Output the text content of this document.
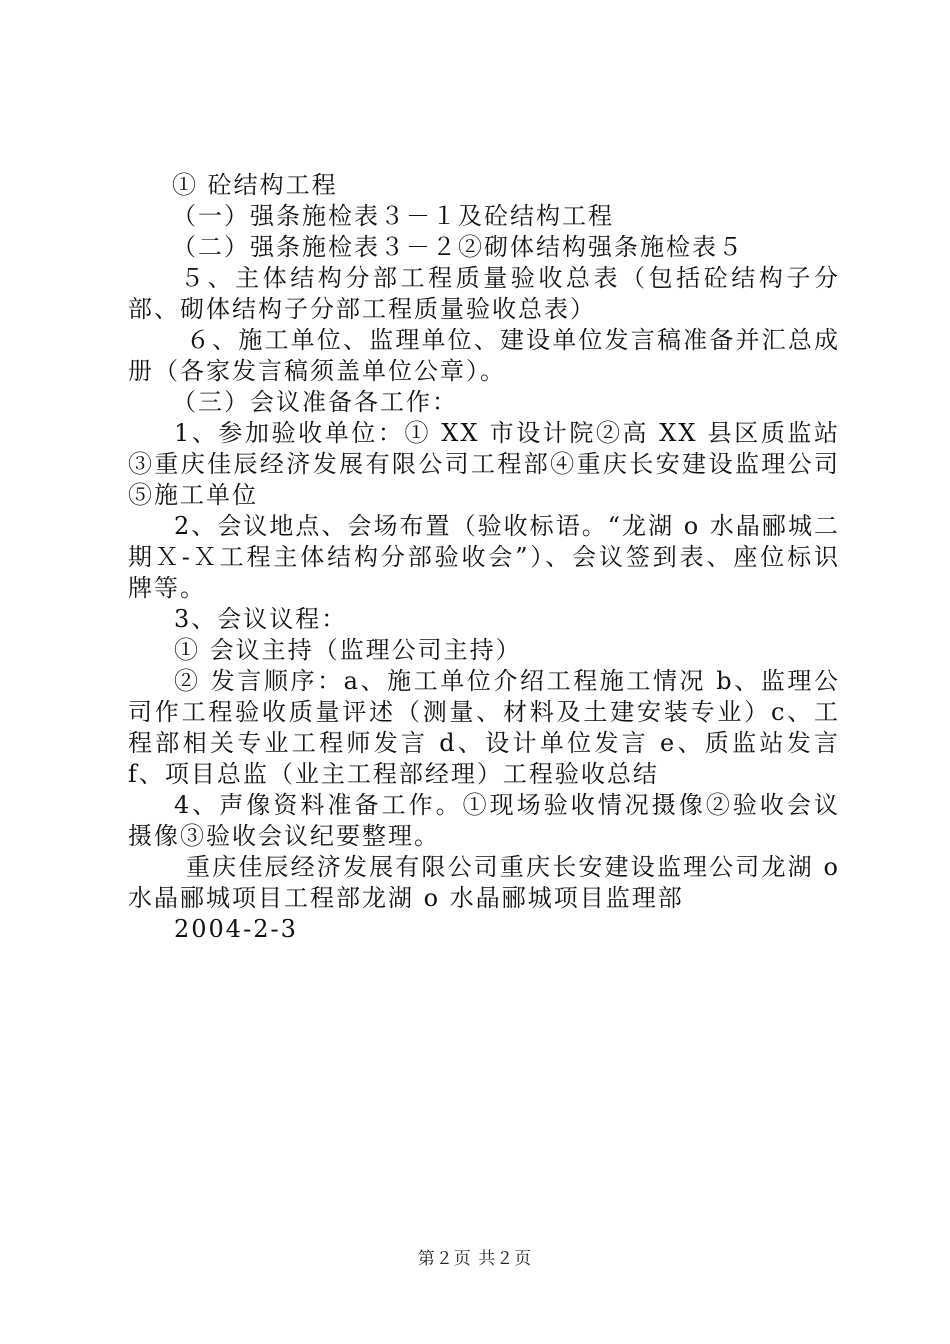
① 砼结构工程

（一）强条施检表３－１及砼结构工程

（二）强条施检表３－２②砌体结构强条施检表５

５、主体结构分部工程质量验收总表（包括砼结构子分部、砌体结构子分部工程质量验收总表）

６、施工单位、监理单位、建设单位发言稿准备并汇总成册（各家发言稿须盖单位公章）。

（三）会议准备各工作：

1、参加验收单位：① XX 市设计院②高 XX 县区质监站③重庆佳辰经济发展有限公司工程部④重庆长安建设监理公司⑤施工单位

2、会议地点、会场布置（验收标语。“龙湖 o 水晶郦城二期Ｘ-Ｘ工程主体结构分部验收会”）、会议签到表、座位标识牌等。

3、会议议程：

① 会议主持（监理公司主持）

② 发言顺序：a、施工单位介绍工程施工情况 b、监理公司作工程验收质量评述（测量、材料及土建安装专业）c、工程部相关专业工程师发言 d、设计单位发言 e、质监站发言 f、项目总监（业主工程部经理）工程验收总结

4、声像资料准备工作。①现场验收情况摄像②验收会议摄像③验收会议纪要整理。

重庆佳辰经济发展有限公司重庆长安建设监理公司龙湖 o 水晶郦城项目工程部龙湖 o 水晶郦城项目监理部

2004-2-3

第２页 共２页
